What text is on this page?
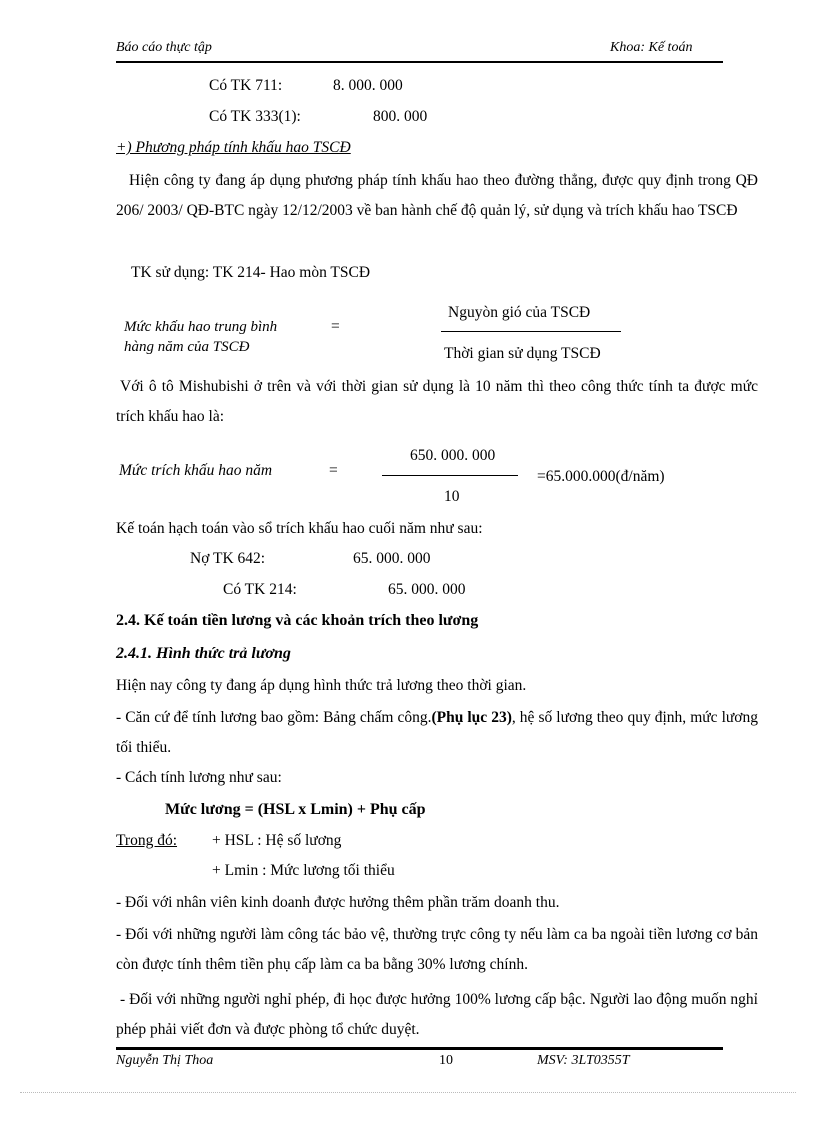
Báo cáo thực tập	Khoa: Kế toán
Có TK 711:	8. 000. 000
Có TK 333(1):	800. 000
+) Phương pháp tính khấu hao TSCĐ
Hiện công ty đang áp dụng phương pháp tính khấu hao theo đường thẳng, được quy định trong QĐ 206/ 2003/ QĐ-BTC ngày 12/12/2003 về ban hành chế độ quản lý, sử dụng và trích khấu hao TSCĐ
TK sử dụng: TK 214- Hao mòn TSCĐ
Mức khấu hao trung bình
hàng năm của TSCĐ
=
Nguyòn gió của TSCĐ
Thời gian sử dụng TSCĐ
Với ô tô Mishubishi ở trên và với thời gian sử dụng là 10 năm thì theo công thức tính ta được mức trích khấu hao là:
Mức trích khấu hao năm	=
650. 000. 000
10
=65.000.000(đ/năm)
Kế toán hạch toán vào sổ trích khấu hao cuối năm như sau:
Nợ TK 642:	65. 000. 000
Có TK 214:	65. 000. 000
2.4. Kế toán tiền lương và các khoản trích theo lương
2.4.1. Hình thức trả lương
Hiện nay công ty đang áp dụng hình thức trả lương theo thời gian.
- Căn cứ để tính lương bao gồm: Bảng chấm công.(Phụ lục 23), hệ số lương theo quy định, mức lương tối thiểu.
- Cách tính lương như sau:
Mức lương = (HSL x Lmin) + Phụ cấp
Trong đó: + HSL : Hệ số lương
+ Lmin : Mức lương tối thiểu
- Đối với nhân viên kinh doanh được hưởng thêm phần trăm doanh thu.
- Đối với những người làm công tác bảo vệ, thường trực công ty nếu làm ca ba ngoài tiền lương cơ bản còn được tính thêm tiền phụ cấp làm ca ba bằng 30% lương chính.
- Đối với những người nghỉ phép, đi học được hưởng 100% lương cấp bậc. Người lao động muốn nghỉ phép phải viết đơn và được phòng tổ chức duyệt.
Nguyễn Thị Thoa	10	MSV: 3LT0355T
